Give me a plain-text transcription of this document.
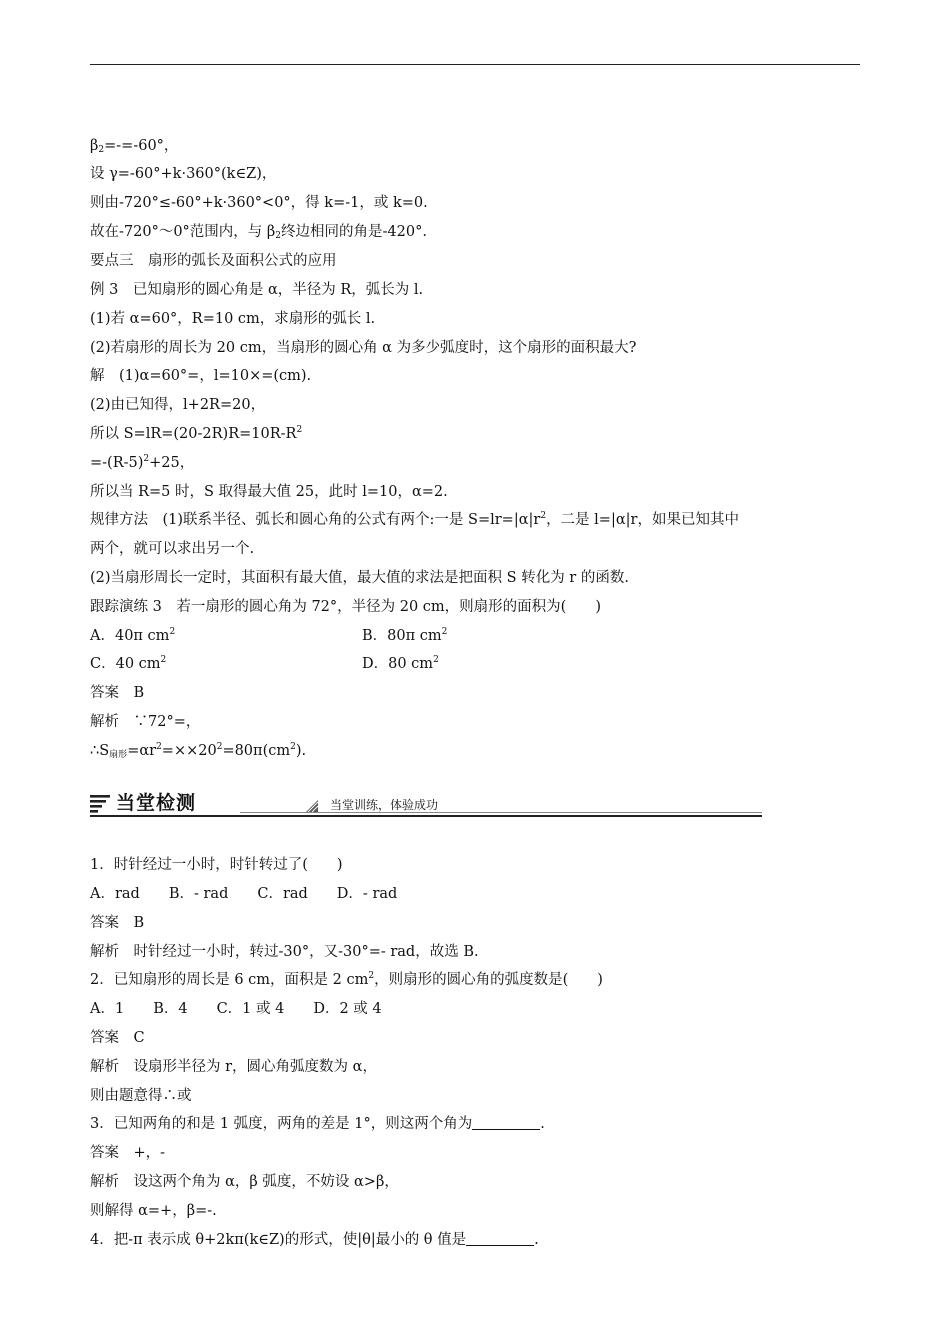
$\beta_2=-=-60^\circ$，
设 γ=-60°+k·360°(k∈Z)，
则由-720°≤-60°+k·360°<0°，得 k=-1，或 k=0.
故在-720°～0°范围内，与 $\beta_2$终边相同的角是-420°.
要点三　扇形的弧长及面积公式的应用
例 3　已知扇形的圆心角是 α，半径为 R，弧长为 l.
(1)若 α=60°，R=10 cm，求扇形的弧长 l.
(2)若扇形的周长为 20 cm，当扇形的圆心角 α 为多少弧度时，这个扇形的面积最大?
解　(1)α=60°=，l=10×=(cm).
(2)由已知得，l+2R=20，
所以 $S=lR=(20-2R)R=10R-R^2$
$=-(R-5)^2+25$，
所以当 R=5 时，S 取得最大值 25，此时 l=10，α=2.
规律方法　(1)联系半径、弧长和圆心角的公式有两个:一是 $S=lr=|\alpha|r^2$，二是 l=|α|r，如果已知其中
两个，就可以求出另一个.
(2)当扇形周长一定时，其面积有最大值，最大值的求法是把面积 S 转化为 r 的函数.
跟踪演练 3　若一扇形的圆心角为 72°，半径为 20 cm，则扇形的面积为(　　)
A．40π $cm^2$	B．80π $cm^2$
C．40 $cm^2$	D．80 $cm^2$
答案　B
解析　∵72°=，
$\therefore S_{扇形}=\alpha r^2=\times\times 20^2=80\pi(cm^2)$.
当堂检测	当堂训练，体验成功
1．时针经过一小时，时针转过了(　　)
A．rad　　B．- rad　　C．rad　　D．- rad
答案　B
解析　时针经过一小时，转过-30°，又-30°=- rad，故选 B.
2．已知扇形的周长是 6 cm，面积是 2 $cm^2$，则扇形的圆心角的弧度数是(　　)
A．1　　B．4　　C．1 或 4　　D．2 或 4
答案　C
解析　设扇形半径为 r，圆心角弧度数为 α，
则由题意得∴或
3．已知两角的和是 1 弧度，两角的差是 1°，则这两个角为	.
答案　+，-
解析　设这两个角为 α，β 弧度，不妨设 α>β，
则解得 α=+，β=-.
4．把-π 表示成 θ+2kπ(k∈Z)的形式，使|θ|最小的 θ 值是	.
